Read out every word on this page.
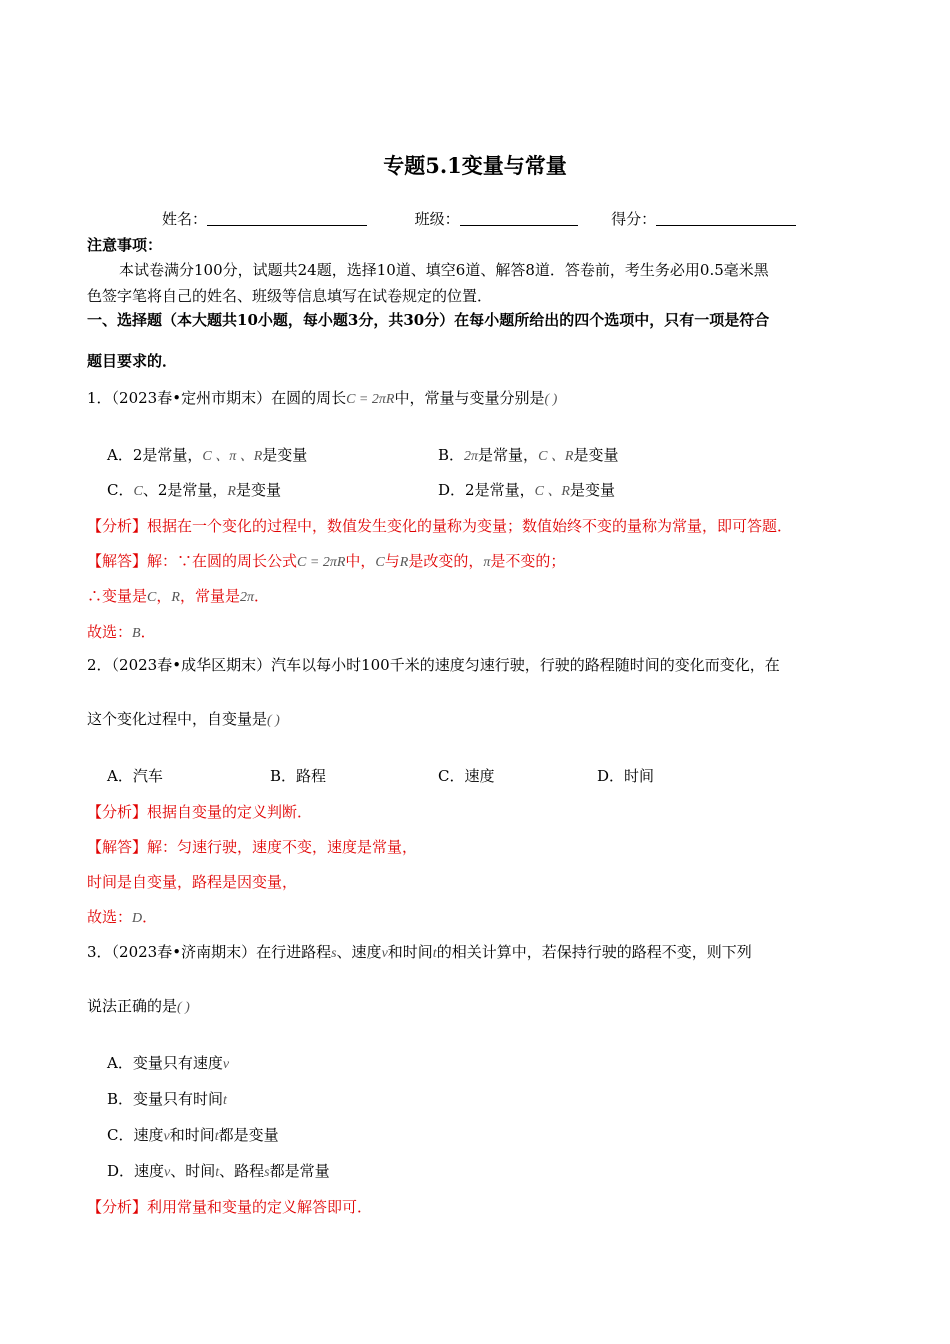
专题5.1变量与常量
姓名：	班级：	得分：
注意事项：
本试卷满分100分，试题共24题，选择10道、填空6道、解答8道．答卷前，考生务必用0.5毫米黑
色签字笔将自己的姓名、班级等信息填写在试卷规定的位置．
一、选择题（本大题共10小题，每小题3分，共30分）在每小题所给出的四个选项中，只有一项是符合
题目要求的．
1．（2023春•定州市期末）在圆的周长C = 2πR中，常量与变量分别是( )
A．2是常量，C 、π 、R是变量	B．2π是常量，C 、R是变量
C．C、2是常量，R是变量	D．2是常量，C 、R是变量
【分析】根据在一个变化的过程中，数值发生变化的量称为变量；数值始终不变的量称为常量，即可答题．
【解答】解：∵在圆的周长公式C = 2πR中，C与R是改变的，π是不变的；
∴变量是C，R，常量是2π．
故选：B．
2．（2023春•成华区期末）汽车以每小时100千米的速度匀速行驶，行驶的路程随时间的变化而变化，在
这个变化过程中，自变量是( )
A．汽车	B．路程	C．速度	D．时间
【分析】根据自变量的定义判断．
【解答】解：匀速行驶，速度不变，速度是常量，
时间是自变量，路程是因变量，
故选：D．
3．（2023春•济南期末）在行进路程s、速度v和时间t的相关计算中，若保持行驶的路程不变，则下列
说法正确的是( )
A．变量只有速度v
B．变量只有时间t
C．速度v和时间t都是变量
D．速度v、时间t、路程s都是常量
【分析】利用常量和变量的定义解答即可．
